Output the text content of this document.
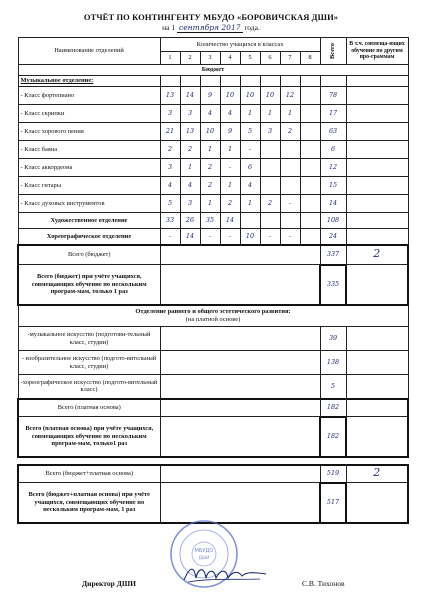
ОТЧЁТ ПО КОНТИНГЕНТУ МБУДО «БОРОВИЧСКАЯ ДШИ»
на 1 сентября 2017 года.
Наименование отделений	Количество учащихся в классах								Всего	В т.ч. совмеща-ющих обучение по другим про-граммам
	1	2	3	4	5	6	7	8		
Бюджет										
Музыкальное отделение:										
- Класс фортепиано	13	14	9	10	10	10	12		78	
- Класс скрипки	3	3	4	4	1	1	1		17	
- Класс хорового пения	21	13	10	9	5	3	2		63	
- Класс баяна	2	2	1	1	-				6	
- Класс аккордеона	3	1	2	-	6				12	
- Класс гитары	4	4	2	1	4				15	
- Класс духовых инструментов	5	3	1	2	1	2	-		14	
Художественное отделение	33	26	35	14					108	
Хореографическое отделение	-	14	-	-	10	-	-		24	
Всего (бюджет)									337	2
Всего (бюджет) при учёте учащихся, совмещающих обучение по нескольким програм-мам, только 1 раз									335	
Отделение раннего и общего эстетического развития:
(на платной основе)										
-музыкальное искусство (подготови-тельный класс, студии)									39	
- изобразительное искусство (подгото-вительный класс, студии)									138	
-хореографическое искусство (подгото-вительный класс)									5	
Всего (платная основа)									182	
Всего (платная основа) при учёте учащихся, совмещающих обучение по нескольким програм-мам, только1 раз									182	

Всего (бюджет+платная основа)									519	2
Всего (бюджет+платная основа) при учёте учащихся, совмещающих обучение по нескольким програм-мам, 1 раз									517	
МБУДО
ДШИ
Директор ДШИ	С.В. Тихонов
